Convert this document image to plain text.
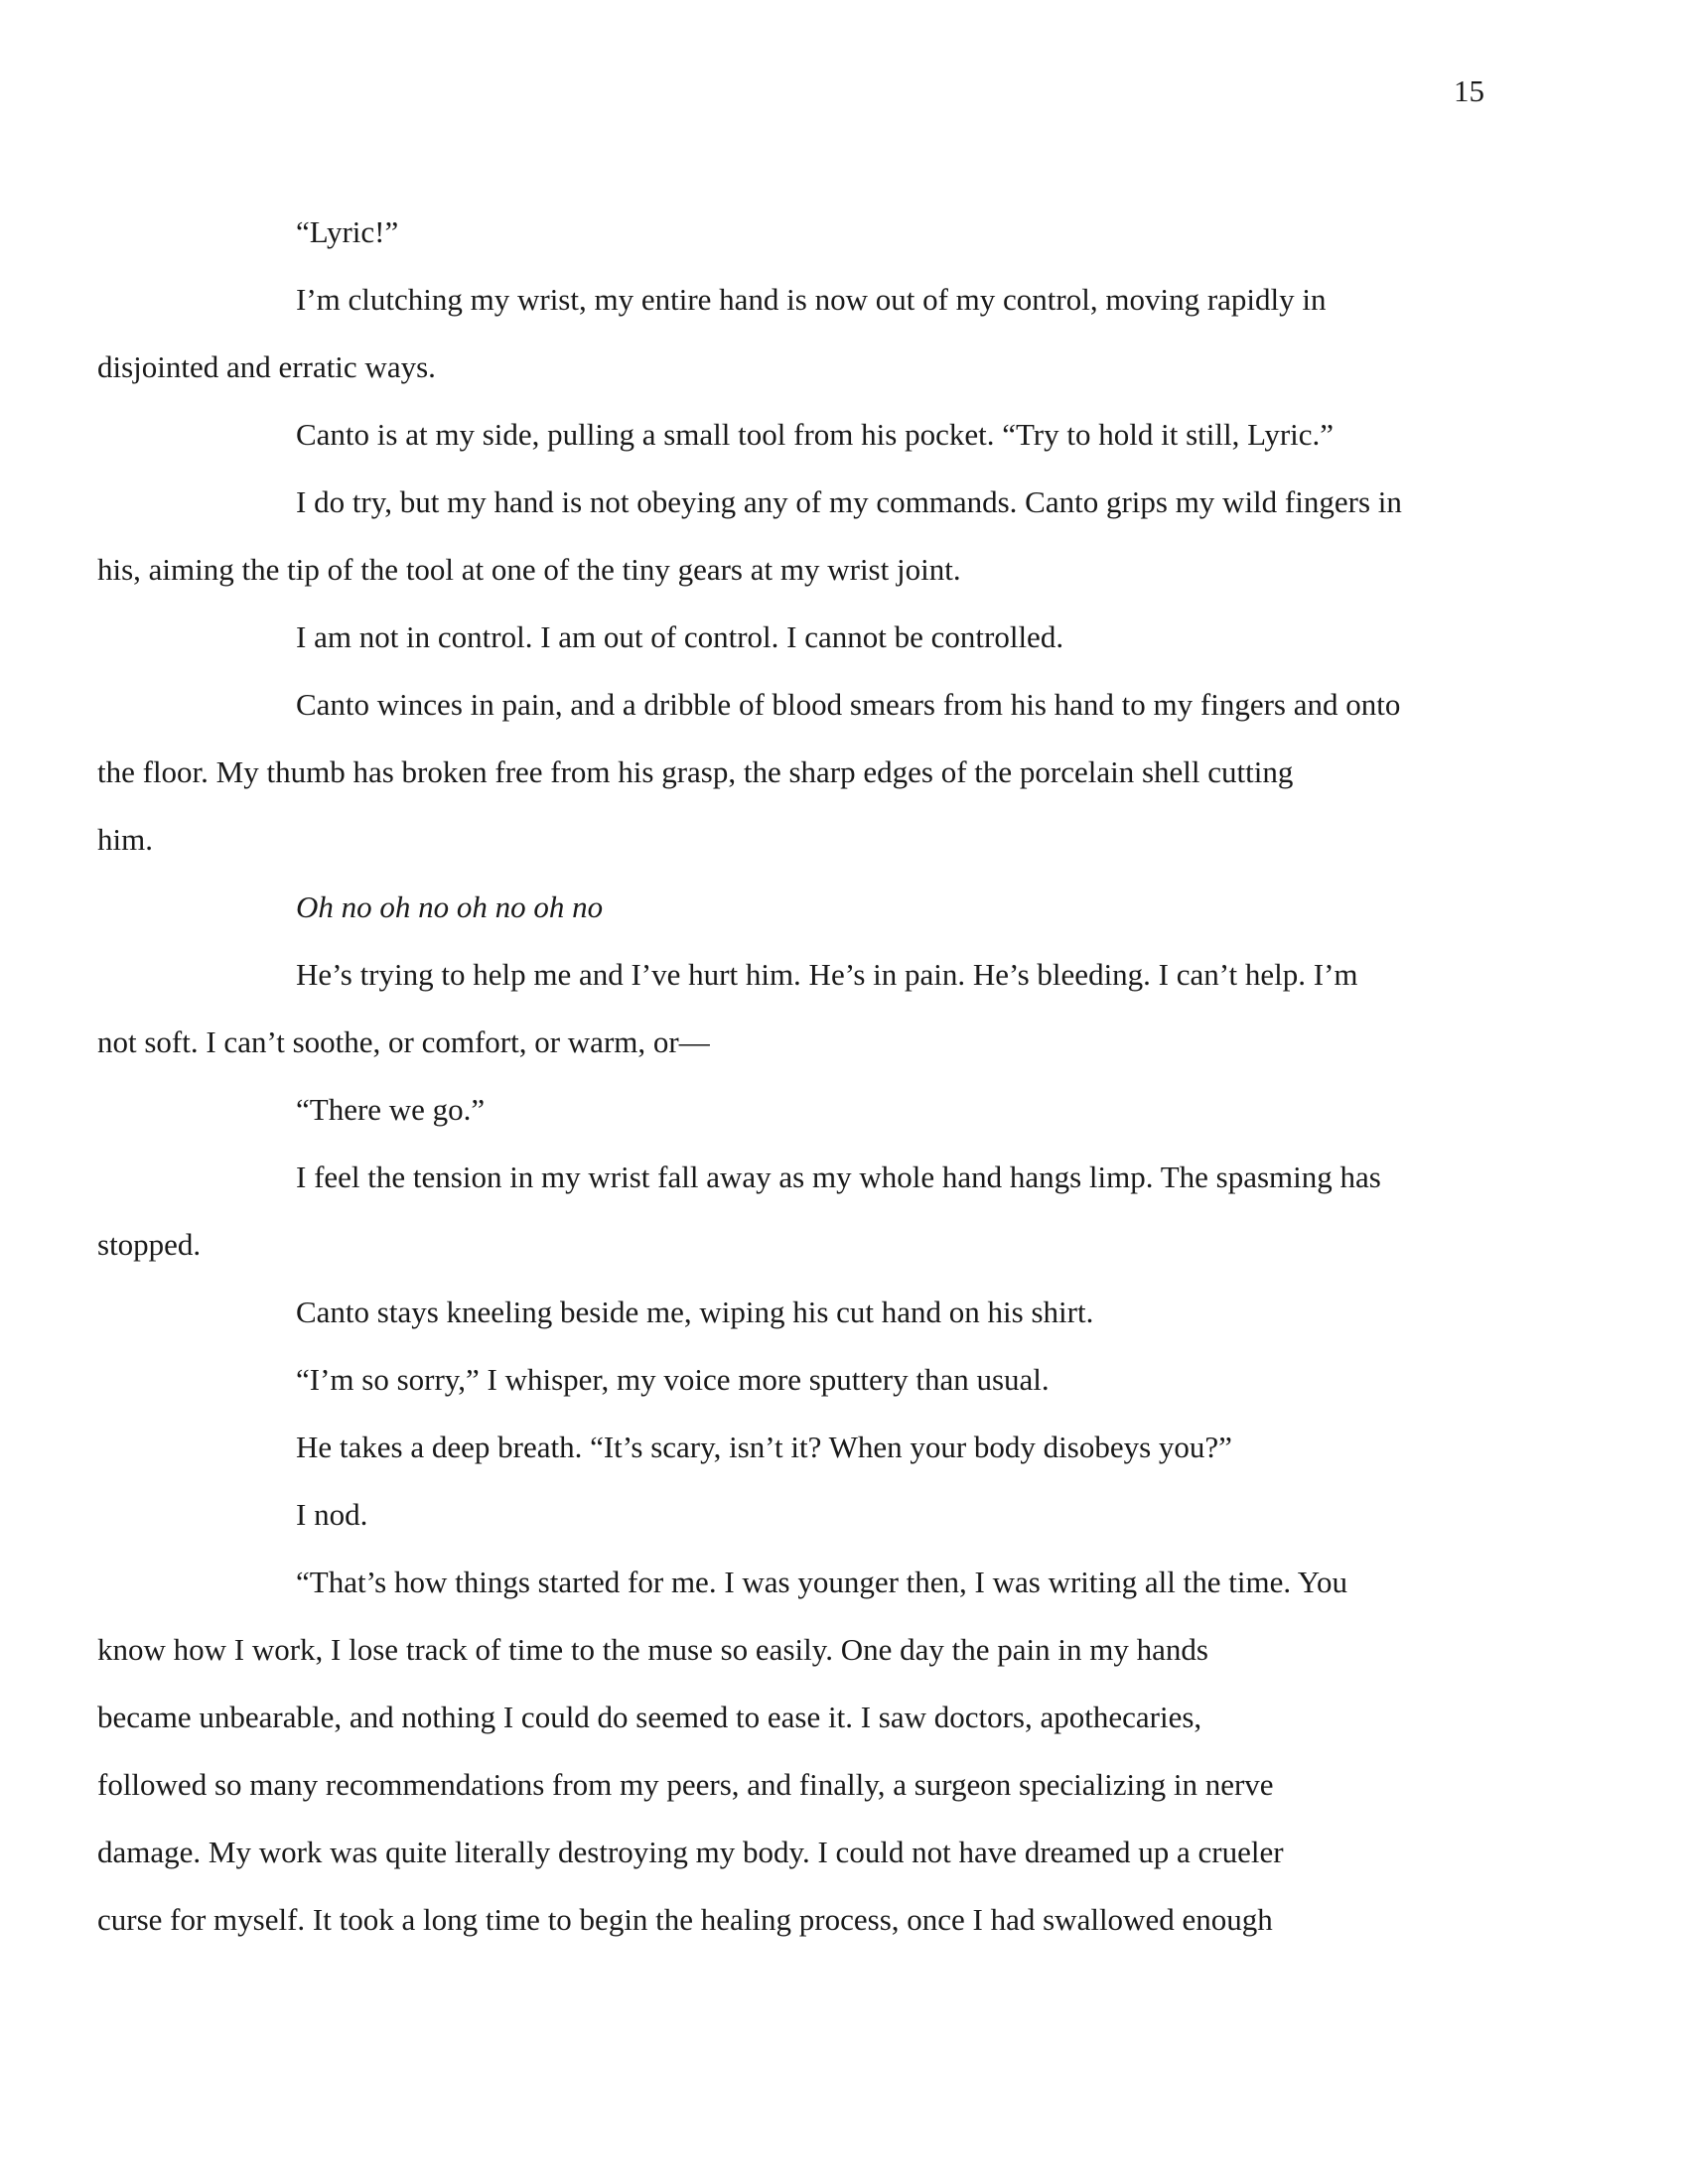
15

“Lyric!”

I’m clutching my wrist, my entire hand is now out of my control, moving rapidly in
disjointed and erratic ways.

Canto is at my side, pulling a small tool from his pocket. “Try to hold it still, Lyric.”

I do try, but my hand is not obeying any of my commands. Canto grips my wild fingers in
his, aiming the tip of the tool at one of the tiny gears at my wrist joint.

I am not in control. I am out of control. I cannot be controlled.

Canto winces in pain, and a dribble of blood smears from his hand to my fingers and onto
the floor. My thumb has broken free from his grasp, the sharp edges of the porcelain shell cutting
him.

Oh no oh no oh no oh no

He’s trying to help me and I’ve hurt him. He’s in pain. He’s bleeding. I can’t help. I’m
not soft. I can’t soothe, or comfort, or warm, or—

“There we go.”

I feel the tension in my wrist fall away as my whole hand hangs limp. The spasming has
stopped.

Canto stays kneeling beside me, wiping his cut hand on his shirt.

“I’m so sorry,” I whisper, my voice more sputtery than usual.

He takes a deep breath. “It’s scary, isn’t it? When your body disobeys you?”

I nod.

“That’s how things started for me. I was younger then, I was writing all the time. You
know how I work, I lose track of time to the muse so easily. One day the pain in my hands
became unbearable, and nothing I could do seemed to ease it. I saw doctors, apothecaries,
followed so many recommendations from my peers, and finally, a surgeon specializing in nerve
damage. My work was quite literally destroying my body. I could not have dreamed up a crueler
curse for myself. It took a long time to begin the healing process, once I had swallowed enough
